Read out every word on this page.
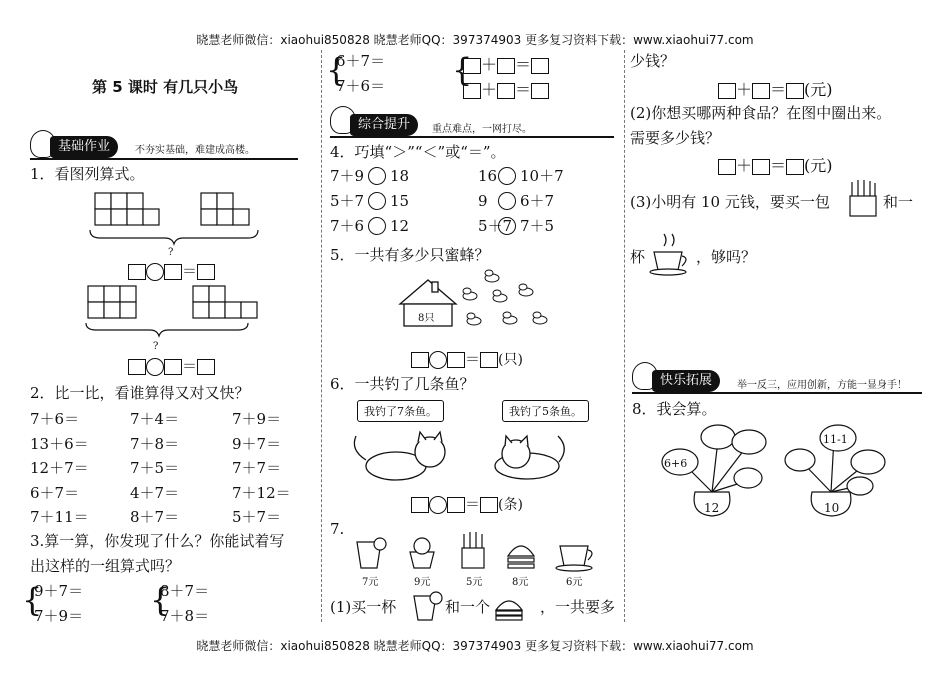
晓慧老师微信：xiaohui850828 晓慧老师QQ：397374903 更多复习资料下载：www.xiaohui77.com
晓慧老师微信：xiaohui850828 晓慧老师QQ：397374903 更多复习资料下载：www.xiaohui77.com
第 5 课时 有几只小鸟
基础作业	不夯实基础，难建成高楼。
1．看图列算式。
?
＝
?
＝
2．比一比，看谁算得又对又快？
7＋6＝	7＋4＝	7＋9＝
13＋6＝	7＋8＝	9＋7＝
12＋7＝	7＋5＝	7＋7＝
6＋7＝	4＋7＝	7＋12＝
7＋11＝	8＋7＝	5＋7＝
3.算一算，你发现了什么？你能试着写
出这样的一组算式吗？
{
9＋7＝
7＋9＝ {
8＋7＝
7＋8＝
{
6＋7＝
7＋6＝ { ＋ ＝
＋ ＝
综合提升	重点难点，一网打尽。
4．巧填“＞”“＜”或“＝”。
7＋9 18	16 10＋7
5＋7 15	9 6＋7
7＋6 12	5＋7 7＋5
5．一共有多少只蜜蜂？
8只
＝ (只)
6．一共钓了几条鱼？
我钓了7条鱼。	我钓了5条鱼。
＝ (条)
7.
7元	9元	5元	8元	6元
(1)买一杯	和一个	，一共要多
少钱？
＋ ＝ (元)
(2)你想买哪两种食品？在图中圈出来。
需要多少钱？
＋ ＝ (元)
(3)小明有 10 元钱，要买一包	和一
杯	，够吗？
快乐拓展	举一反三，应用创新，方能一显身手！
8．我会算。
6+6
11-1
12	10
